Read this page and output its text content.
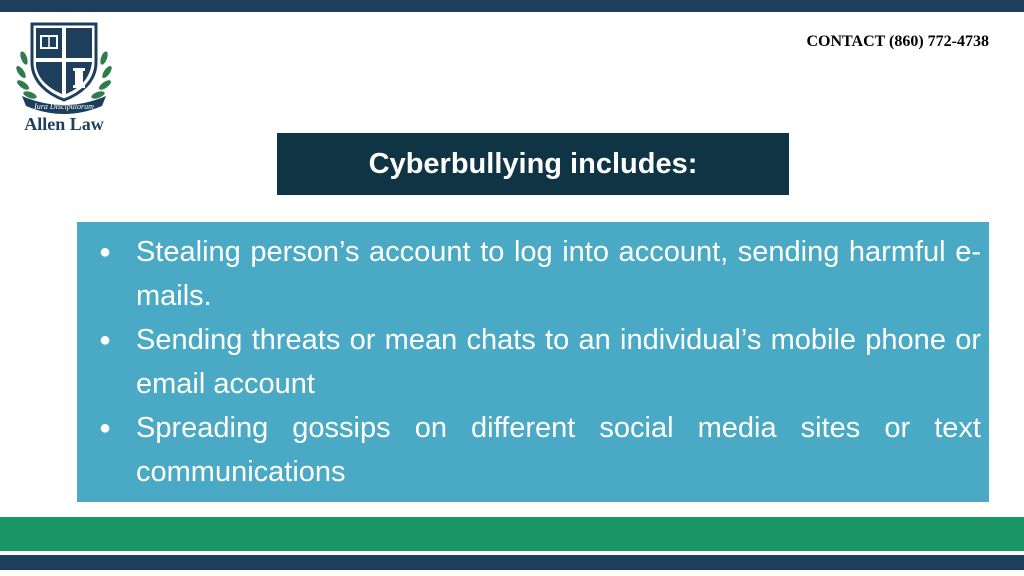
Iura Discipulorum
Allen Law
CONTACT (860) 772-4738
Cyberbullying includes:
● Stealing person’s account to log into account, sending harmful e-mails.
● Sending threats or mean chats to an individual’s mobile phone or email account
● Spreading gossips on different social media sites or text communications
